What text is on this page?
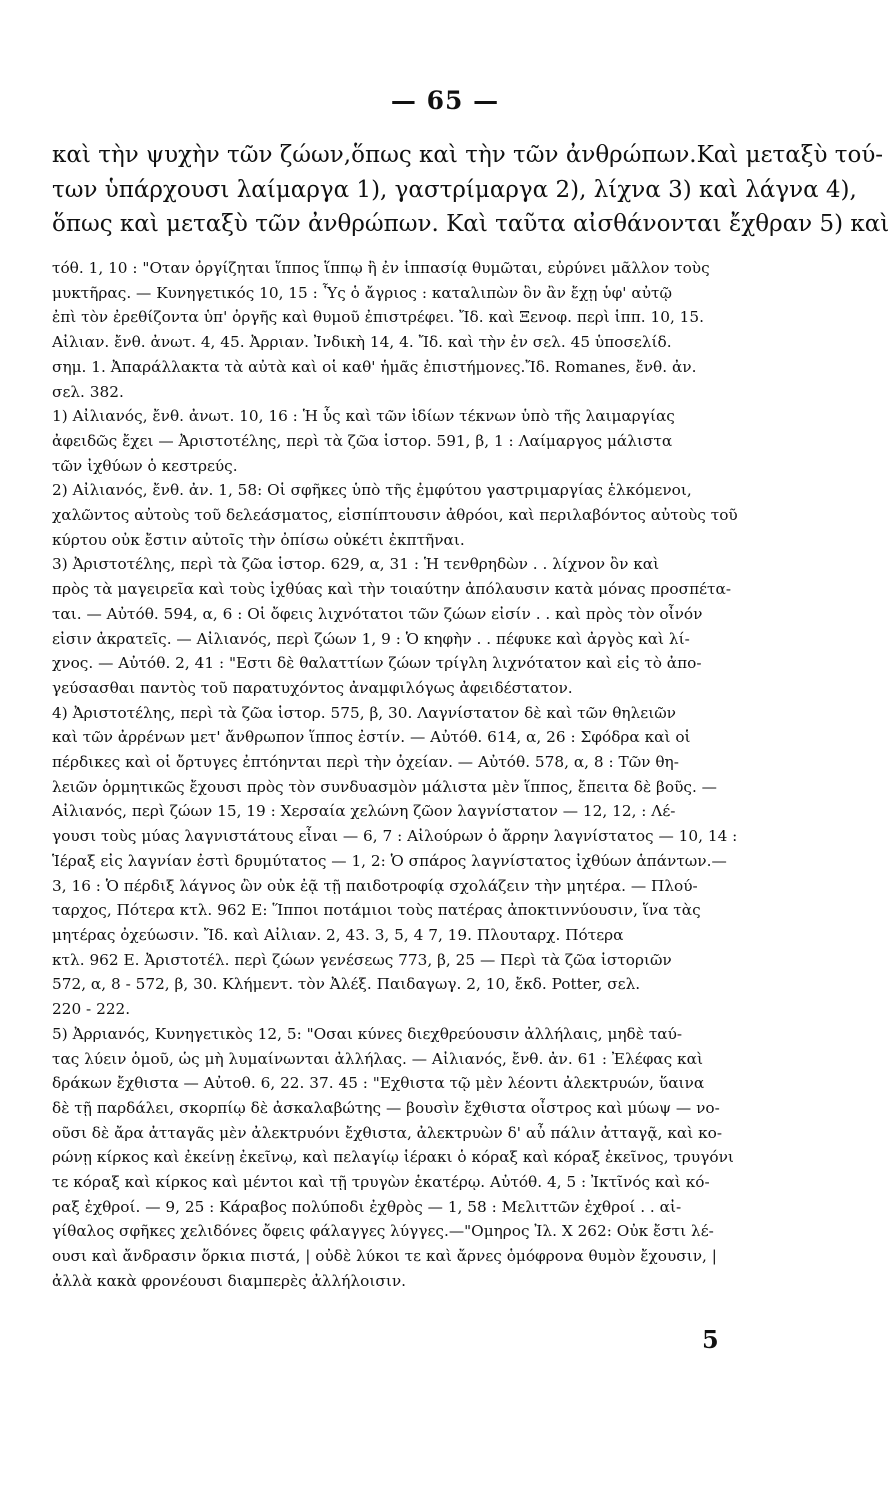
— 65 —
καὶ τὴν ψυχὴν τῶν ζώων,ὅπως καὶ τὴν τῶν ἀνθρώπων.Καὶ μεταξὺ τού-
των ὑπάρχουσι λαίμαργα 1), γαστρίμαργα 2), λίχνα 3) καὶ λάγνα 4),
ὅπως καὶ μεταξὺ τῶν ἀνθρώπων. Καὶ ταῦτα αἰσθάνονται ἔχθραν 5) καὶ
τόθ. 1, 10 : "Οταν ὀργίζηται ἵππος ἵππῳ ἢ ἐν ἱππασίᾳ θυμῶται, εὐρύνει μᾶλλον τοὺς
μυκτῆρας. — Κυνηγετικός 10, 15 : Ὗς ὁ ἄγριος : καταλιπὼν ὃν ἂν ἔχῃ ὑφ' αὐτῷ
ἐπὶ τὸν ἐρεθίζοντα ὑπ' ὀργῆς καὶ θυμοῦ ἐπιστρέφει. Ἴδ. καὶ Ξενοφ. περὶ ἱππ. 10, 15.
Αἰλιαν. ἔνθ. ἀνωτ. 4, 45. Ἀρριαν. Ἰνδικὴ 14, 4. Ἴδ. καὶ τὴν ἐν σελ. 45 ὑποσελίδ.
σημ. 1. Ἀπαράλλακτα τὰ αὐτὰ καὶ οἱ καθ' ἡμᾶς ἐπιστήμονες.Ἴδ. Romanes, ἔνθ. ἀν.
σελ. 382.
1) Αἰλιανός, ἔνθ. ἀνωτ. 10, 16 : Ἡ ὗς καὶ τῶν ἰδίων τέκνων ὑπὸ τῆς λαιμαργίας
ἀφειδῶς ἔχει — Ἀριστοτέλης, περὶ τὰ ζῶα ἱστορ. 591, β, 1 : Λαίμαργος μάλιστα
τῶν ἰχθύων ὁ κεστρεύς.
2) Αἰλιανός, ἔνθ. ἀν. 1, 58: Οἱ σφῆκες ὑπὸ τῆς ἐμφύτου γαστριμαργίας ἑλκόμενοι,
χαλῶντος αὐτοὺς τοῦ δελεάσματος, εἰσπίπτουσιν ἀθρόοι, καὶ περιλαβόντος αὐτοὺς τοῦ
κύρτου οὐκ ἔστιν αὐτοῖς τὴν ὀπίσω οὐκέτι ἐκπτῆναι.
3) Ἀριστοτέλης, περὶ τὰ ζῶα ἱστορ. 629, α, 31 : Ἡ τενθρηδὼν . . λίχνον ὂν καὶ
πρὸς τὰ μαγειρεῖα καὶ τοὺς ἰχθύας καὶ τὴν τοιαύτην ἀπόλαυσιν κατὰ μόνας προσπέτα-
ται. — Αὐτόθ. 594, α, 6 : Οἱ ὄφεις λιχνότατοι τῶν ζώων εἰσίν . . καὶ πρὸς τὸν οἶνόν
εἰσιν ἀκρατεῖς. — Αἰλιανός, περὶ ζώων 1, 9 : Ὁ κηφὴν . . πέφυκε καὶ ἀργὸς καὶ λί-
χνος. — Αὐτόθ. 2, 41 : "Εστι δὲ θαλαττίων ζώων τρίγλη λιχνότατον καὶ εἰς τὸ ἀπο-
γεύσασθαι παντὸς τοῦ παρατυχόντος ἀναμφιλόγως ἀφειδέστατον.
4) Ἀριστοτέλης, περὶ τὰ ζῶα ἱστορ. 575, β, 30. Λαγνίστατον δὲ καὶ τῶν θηλειῶν
καὶ τῶν ἀρρένων μετ' ἄνθρωπον ἵππος ἐστίν. — Αὐτόθ. 614, α, 26 : Σφόδρα καὶ οἱ
πέρδικες καὶ οἱ ὄρτυγες ἐπτόηνται περὶ τὴν ὀχείαν. — Αὐτόθ. 578, α, 8 : Τῶν θη-
λειῶν ὁρμητικῶς ἔχουσι πρὸς τὸν συνδυασμὸν μάλιστα μὲν ἵππος, ἔπειτα δὲ βοῦς. —
Αἰλιανός, περὶ ζώων 15, 19 : Χερσαία χελώνη ζῶον λαγνίστατον — 12, 12, : Λέ-
γουσι τοὺς μύας λαγνιστάτους εἶναι — 6, 7 : Αἰλούρων ὁ ἄρρην λαγνίστατος — 10, 14 :
Ἱέραξ εἰς λαγνίαν ἐστὶ δρυμύτατος — 1, 2: Ὁ σπάρος λαγνίστατος ἰχθύων ἁπάντων.—
3, 16 : Ὁ πέρδιξ λάγνος ὢν οὐκ ἐᾷ τῇ παιδοτροφίᾳ σχολάζειν τὴν μητέρα. — Πλού-
ταρχος, Πότερα κτλ. 962 Ε: Ἵπποι ποτάμιοι τοὺς πατέρας ἀποκτιννύουσιν, ἵνα τὰς
μητέρας ὀχεύωσιν. Ἴδ. καὶ Αἰλιαν. 2, 43. 3, 5, 4 7, 19. Πλουταρχ. Πότερα
κτλ. 962 Ε. Ἀριστοτέλ. περὶ ζώων γενέσεως 773, β, 25 — Περὶ τὰ ζῶα ἱστοριῶν
572, α, 8 - 572, β, 30. Κλήμεντ. τὸν Ἀλέξ. Παιδαγωγ. 2, 10, ἔκδ. Potter, σελ.
220 - 222.
5) Ἀρριανός, Κυνηγετικὸς 12, 5: "Οσαι κύνες διεχθρεύουσιν ἀλλήλαις, μηδὲ ταύ-
τας λύειν ὁμοῦ, ὡς μὴ λυμαίνωνται ἀλλήλας. — Αἰλιανός, ἔνθ. ἀν. 61 : Ἐλέφας καὶ
δράκων ἔχθιστα — Αὐτοθ. 6, 22. 37. 45 : "Εχθιστα τῷ μὲν λέοντι ἀλεκτρυών, ὕαινα
δὲ τῇ παρδάλει, σκορπίῳ δὲ ἀσκαλαβώτης — βουσὶν ἔχθιστα οἶστρος καὶ μύωψ — νο-
οῦσι δὲ ἄρα ἀτταγᾶς μὲν ἀλεκτρυόνι ἔχθιστα, ἀλεκτρυὼν δ' αὖ πάλιν ἀτταγᾷ, καὶ κο-
ρώνῃ κίρκος καὶ ἐκείνῃ ἐκεῖνῳ, καὶ πελαγίῳ ἱέρακι ὁ κόραξ καὶ κόραξ ἐκεῖνος, τρυγόνι
τε κόραξ καὶ κίρκος καὶ μέντοι καὶ τῇ τρυγὼν ἑκατέρῳ. Αὐτόθ. 4, 5 : Ἰκτῖνός καὶ κό-
ραξ ἐχθροί. — 9, 25 : Κάραβος πολύποδι ἐχθρὸς — 1, 58 : Μελιττῶν ἐχθροί . . αἰ-
γίθαλος σφῆκες χελιδόνες ὄφεις φάλαγγες λύγγες.—"Ομηρος Ἰλ. Χ 262: Οὐκ ἔστι λέ-
ουσι καὶ ἄνδρασιν ὅρκια πιστά, | οὐδὲ λύκοι τε καὶ ἄρνες ὁμόφρονα θυμὸν ἔχουσιν, |
ἀλλὰ κακὰ φρονέουσι διαμπερὲς ἀλλήλοισιν.
5
